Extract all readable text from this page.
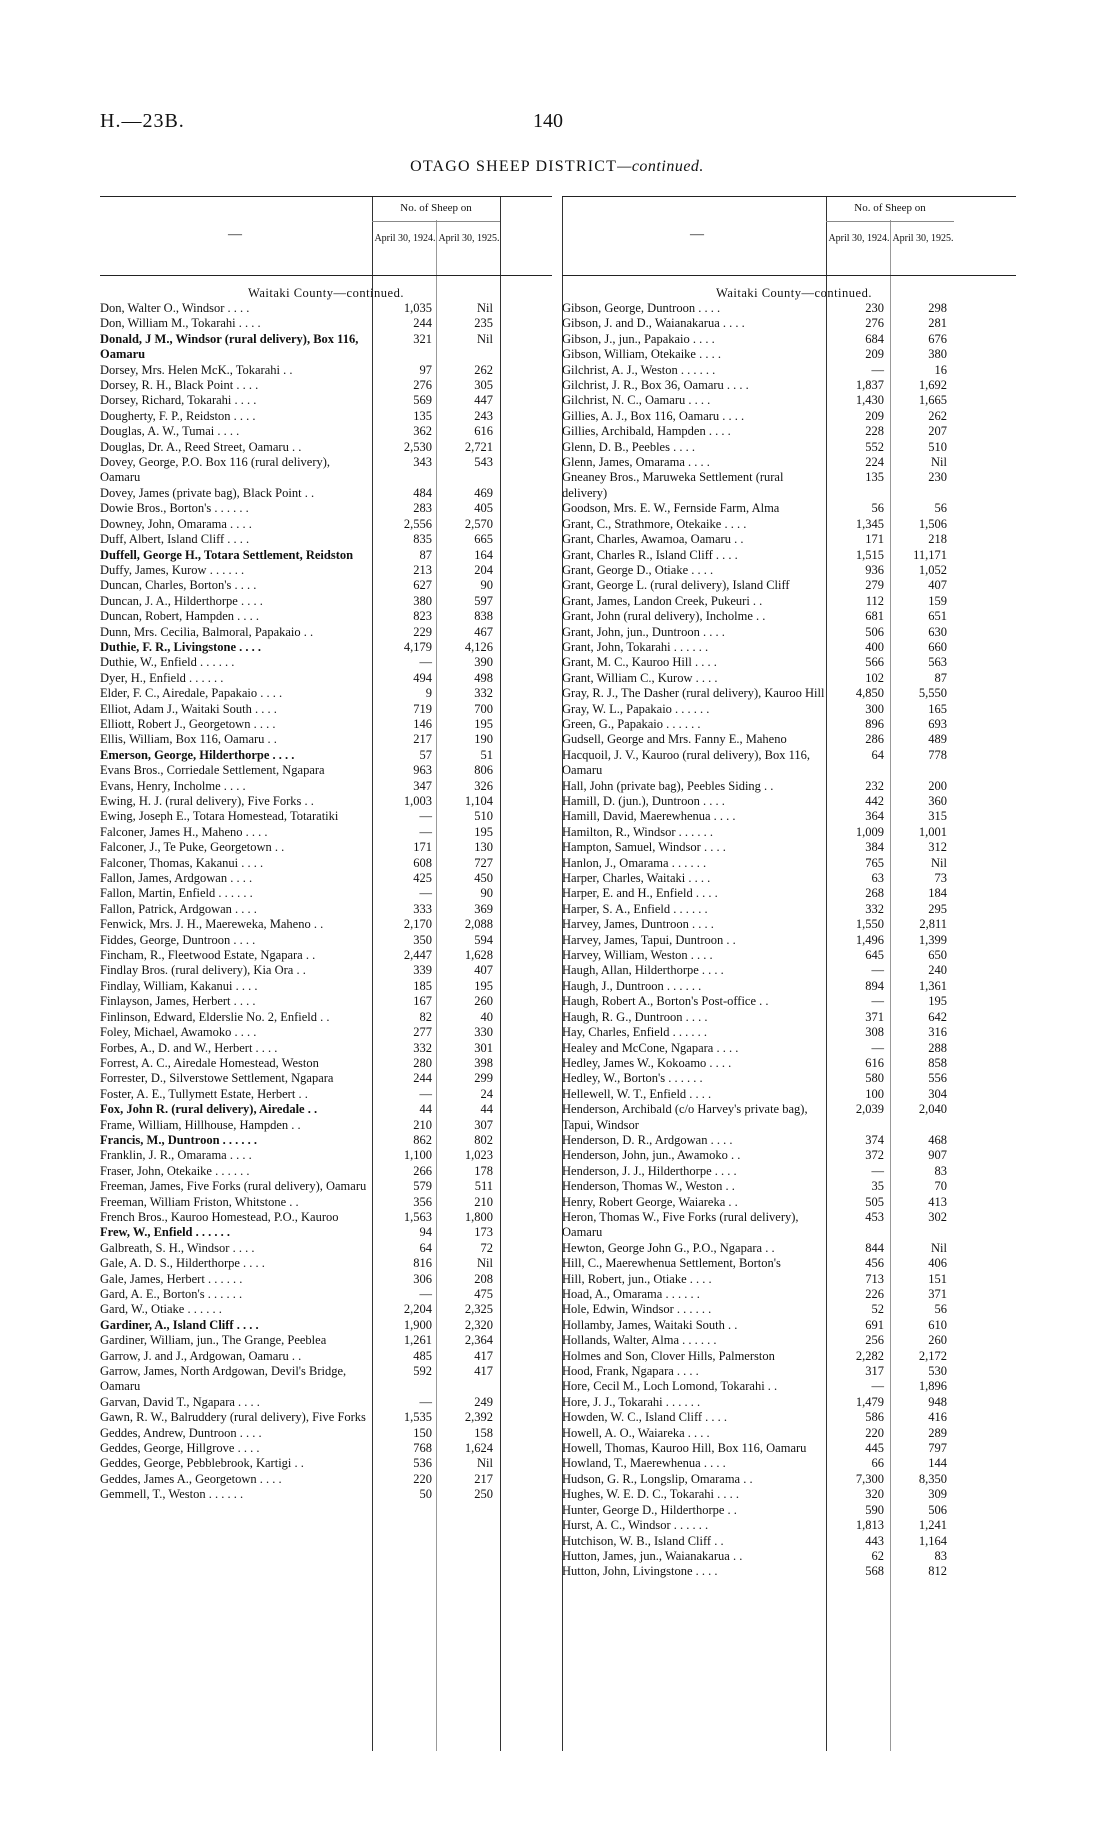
H.—23B.	140
OTAGO SHEEP DISTRICT—continued.
—
No. of Sheep on
April 30, 1924. April 30, 1925.
Waitaki County—continued.
Don, Walter O., Windsor . . . .	1,035	Nil
Don, William M., Tokarahi . . . .	244	235
Donald, J M., Windsor (rural delivery), Box 116, Oamaru
321	Nil
Dorsey, Mrs. Helen McK., Tokarahi . .	97	262
Dorsey, R. H., Black Point . . . .	276	305
Dorsey, Richard, Tokarahi . . . .	569	447
Dougherty, F. P., Reidston . . . .	135	243
Douglas, A. W., Tumai . . . .	362	616
Douglas, Dr. A., Reed Street, Oamaru . .	2,530	2,721
Dovey, George, P.O. Box 116 (rural delivery), Oamaru
343	543
Dovey, James (private bag), Black Point . .	484	469
Dowie Bros., Borton's . . . . . .	283	405
Downey, John, Omarama . . . .	2,556	2,570
Duff, Albert, Island Cliff . . . .	835	665
Duffell, George H., Totara Settlement, Reidston	87	164
Duffy, James, Kurow . . . . . .	213	204
Duncan, Charles, Borton's . . . .	627	90
Duncan, J. A., Hilderthorpe . . . .	380	597
Duncan, Robert, Hampden . . . .	823	838
Dunn, Mrs. Cecilia, Balmoral, Papakaio . .	229	467
Duthie, F. R., Livingstone . . . .	4,179	4,126
Duthie, W., Enfield . . . . . .	—	390
Dyer, H., Enfield . . . . . .	494	498
Elder, F. C., Airedale, Papakaio . . . .	9	332
Elliot, Adam J., Waitaki South . . . .	719	700
Elliott, Robert J., Georgetown . . . .	146	195
Ellis, William, Box 116, Oamaru . .	217	190
Emerson, George, Hilderthorpe . . . .	57	51
Evans Bros., Corriedale Settlement, Ngapara	963	806
Evans, Henry, Incholme . . . .	347	326
Ewing, H. J. (rural delivery), Five Forks . .	1,003	1,104
Ewing, Joseph E., Totara Homestead, Totaratiki	—	510
Falconer, James H., Maheno . . . .	—	195
Falconer, J., Te Puke, Georgetown . .	171	130
Falconer, Thomas, Kakanui . . . .	608	727
Fallon, James, Ardgowan . . . .	425	450
Fallon, Martin, Enfield . . . . . .	—	90
Fallon, Patrick, Ardgowan . . . .	333	369
Fenwick, Mrs. J. H., Maereweka, Maheno . .	2,170	2,088
Fiddes, George, Duntroon . . . .	350	594
Fincham, R., Fleetwood Estate, Ngapara . .	2,447	1,628
Findlay Bros. (rural delivery), Kia Ora . .	339	407
Findlay, William, Kakanui . . . .	185	195
Finlayson, James, Herbert . . . .	167	260
Finlinson, Edward, Elderslie No. 2, Enfield . .	82	40
Foley, Michael, Awamoko . . . .	277	330
Forbes, A., D. and W., Herbert . . . .	332	301
Forrest, A. C., Airedale Homestead, Weston	280	398
Forrester, D., Silverstowe Settlement, Ngapara	244	299
Foster, A. E., Tullymett Estate, Herbert . .	—	24
Fox, John R. (rural delivery), Airedale . .	44	44
Frame, William, Hillhouse, Hampden . .	210	307
Francis, M., Duntroon . . . . . .	862	802
Franklin, J. R., Omarama . . . .	1,100	1,023
Fraser, John, Otekaike . . . . . .	266	178
Freeman, James, Five Forks (rural delivery), Oamaru	579	511
Freeman, William Friston, Whitstone . .	356	210
French Bros., Kauroo Homestead, P.O., Kauroo	1,563	1,800
Frew, W., Enfield . . . . . .	94	173
Galbreath, S. H., Windsor . . . .	64	72
Gale, A. D. S., Hilderthorpe . . . .	816	Nil
Gale, James, Herbert . . . . . .	306	208
Gard, A. E., Borton's . . . . . .	—	475
Gard, W., Otiake . . . . . .	2,204	2,325
Gardiner, A., Island Cliff . . . .	1,900	2,320
Gardiner, William, jun., The Grange, Peeblea	1,261	2,364
Garrow, J. and J., Ardgowan, Oamaru . .	485	417
Garrow, James, North Ardgowan, Devil's Bridge, Oamaru
592	417
Garvan, David T., Ngapara . . . .	—	249
Gawn, R. W., Balruddery (rural delivery), Five Forks	1,535	2,392
Geddes, Andrew, Duntroon . . . .	150	158
Geddes, George, Hillgrove . . . .	768	1,624
Geddes, George, Pebblebrook, Kartigi . .	536	Nil
Geddes, James A., Georgetown . . . .	220	217
Gemmell, T., Weston . . . . . .	50	250
—
No. of Sheep on
April 30, 1924. April 30, 1925.
Waitaki County—continued.
Gibson, George, Duntroon . . . .	230	298
Gibson, J. and D., Waianakarua . . . .	276	281
Gibson, J., jun., Papakaio . . . .	684	676
Gibson, William, Otekaike . . . .	209	380
Gilchrist, A. J., Weston . . . . . .	—	16
Gilchrist, J. R., Box 36, Oamaru . . . .	1,837	1,692
Gilchrist, N. C., Oamaru . . . .	1,430	1,665
Gillies, A. J., Box 116, Oamaru . . . .	209	262
Gillies, Archibald, Hampden . . . .	228	207
Glenn, D. B., Peebles . . . .	552	510
Glenn, James, Omarama . . . .	224	Nil
Gneaney Bros., Maruweka Settlement (rural delivery)
135	230
Goodson, Mrs. E. W., Fernside Farm, Alma	56	56
Grant, C., Strathmore, Otekaike . . . .	1,345	1,506
Grant, Charles, Awamoa, Oamaru . .	171	218
Grant, Charles R., Island Cliff . . . .	1,515	11,171
Grant, George D., Otiake . . . .	936	1,052
Grant, George L. (rural delivery), Island Cliff	279	407
Grant, James, Landon Creek, Pukeuri . .	112	159
Grant, John (rural delivery), Incholme . .	681	651
Grant, John, jun., Duntroon . . . .	506	630
Grant, John, Tokarahi . . . . . .	400	660
Grant, M. C., Kauroo Hill . . . .	566	563
Grant, William C., Kurow . . . .	102	87
Gray, R. J., The Dasher (rural delivery), Kauroo Hill	4,850	5,550
Gray, W. L., Papakaio . . . . . .	300	165
Green, G., Papakaio . . . . . .	896	693
Gudsell, George and Mrs. Fanny E., Maheno	286	489
Hacquoil, J. V., Kauroo (rural delivery), Box 116, Oamaru
64	778
Hall, John (private bag), Peebles Siding . .	232	200
Hamill, D. (jun.), Duntroon . . . .	442	360
Hamill, David, Maerewhenua . . . .	364	315
Hamilton, R., Windsor . . . . . .	1,009	1,001
Hampton, Samuel, Windsor . . . .	384	312
Hanlon, J., Omarama . . . . . .	765	Nil
Harper, Charles, Waitaki . . . .	63	73
Harper, E. and H., Enfield . . . .	268	184
Harper, S. A., Enfield . . . . . .	332	295
Harvey, James, Duntroon . . . .	1,550	2,811
Harvey, James, Tapui, Duntroon . .	1,496	1,399
Harvey, William, Weston . . . .	645	650
Haugh, Allan, Hilderthorpe . . . .	—	240
Haugh, J., Duntroon . . . . . .	894	1,361
Haugh, Robert A., Borton's Post-office . .	—	195
Haugh, R. G., Duntroon . . . .	371	642
Hay, Charles, Enfield . . . . . .	308	316
Healey and McCone, Ngapara . . . .	—	288
Hedley, James W., Kokoamo . . . .	616	858
Hedley, W., Borton's . . . . . .	580	556
Hellewell, W. T., Enfield . . . .	100	304
Henderson, Archibald (c/o Harvey's private bag), Tapui, Windsor
2,039	2,040
Henderson, D. R., Ardgowan . . . .	374	468
Henderson, John, jun., Awamoko . .	372	907
Henderson, J. J., Hilderthorpe . . . .	—	83
Henderson, Thomas W., Weston . .	35	70
Henry, Robert George, Waiareka . .	505	413
Heron, Thomas W., Five Forks (rural delivery), Oamaru
453	302
Hewton, George John G., P.O., Ngapara . .	844	Nil
Hill, C., Maerewhenua Settlement, Borton's	456	406
Hill, Robert, jun., Otiake . . . .	713	151
Hoad, A., Omarama . . . . . .	226	371
Hole, Edwin, Windsor . . . . . .	52	56
Hollamby, James, Waitaki South . .	691	610
Hollands, Walter, Alma . . . . . .	256	260
Holmes and Son, Clover Hills, Palmerston	2,282	2,172
Hood, Frank, Ngapara . . . .	317	530
Hore, Cecil M., Loch Lomond, Tokarahi . .	—	1,896
Hore, J. J., Tokarahi . . . . . .	1,479	948
Howden, W. C., Island Cliff . . . .	586	416
Howell, A. O., Waiareka . . . .	220	289
Howell, Thomas, Kauroo Hill, Box 116, Oamaru	445	797
Howland, T., Maerewhenua . . . .	66	144
Hudson, G. R., Longslip, Omarama . .	7,300	8,350
Hughes, W. E. D. C., Tokarahi . . . .	320	309
Hunter, George D., Hilderthorpe . .	590	506
Hurst, A. C., Windsor . . . . . .	1,813	1,241
Hutchison, W. B., Island Cliff . .	443	1,164
Hutton, James, jun., Waianakarua . .	62	83
Hutton, John, Livingstone . . . .	568	812
